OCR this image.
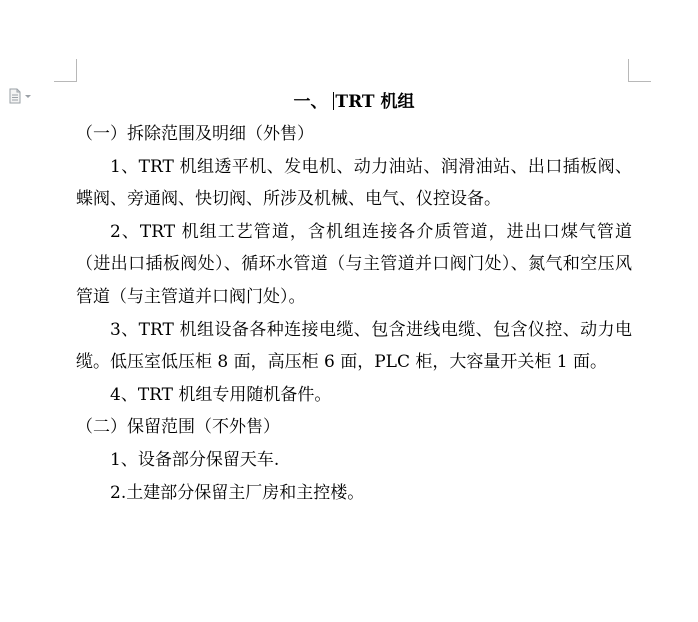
一、 TRT 机组
（一）拆除范围及明细（外售）

1、TRT 机组透平机、发电机、动力油站、润滑油站、出口插板阀、蝶阀、旁通阀、快切阀、所涉及机械、电气、仪控设备。

2、TRT 机组工艺管道，含机组连接各介质管道，进出口煤气管道（进出口插板阀处）、循环水管道（与主管道并口阀门处）、氮气和空压风管道（与主管道并口阀门处）。

3、TRT 机组设备各种连接电缆、包含进线电缆、包含仪控、动力电缆。低压室低压柜 8 面，高压柜 6 面，PLC 柜，大容量开关柜 1 面。

4、TRT 机组专用随机备件。

（二）保留范围（不外售）

1、设备部分保留天车.

2.土建部分保留主厂房和主控楼。
